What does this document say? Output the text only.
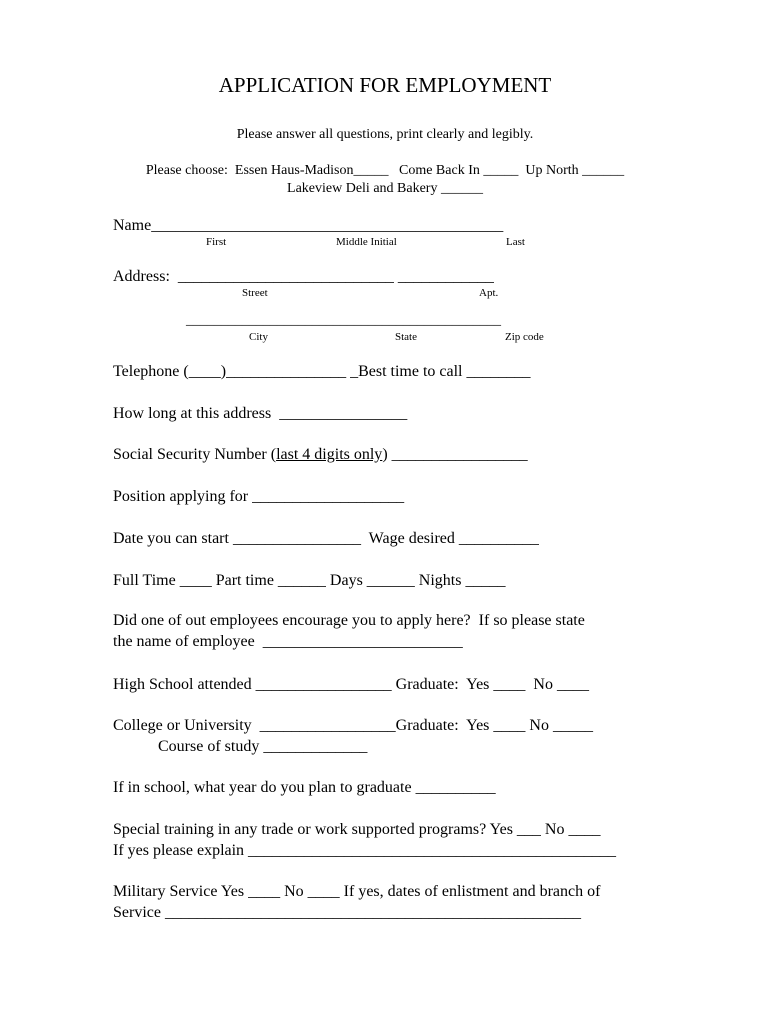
APPLICATION FOR EMPLOYMENT
Please answer all questions, print clearly and legibly.
Please choose:  Essen Haus-Madison_____   Come Back In _____  Up North ______
Lakeview Deli and Bakery ______
Name____________________________________________
First	Middle Initial	Last
Address:  ___________________________ ____________
Street	Apt.
_____________________________________________
City	State	Zip code
Telephone (____)_______________ _Best time to call ________
How long at this address  ________________
Social Security Number (last 4 digits only) _________________
Position applying for ___________________
Date you can start ________________  Wage desired __________
Full Time ____ Part time ______ Days ______ Nights _____
Did one of out employees encourage you to apply here?  If so please state
the name of employee  _________________________
High School attended _________________ Graduate:  Yes ____  No ____
College or University  _________________Graduate:  Yes ____ No _____
Course of study _____________
If in school, what year do you plan to graduate __________
Special training in any trade or work supported programs? Yes ___ No ____
If yes please explain ______________________________________________
Military Service Yes ____ No ____ If yes, dates of enlistment and branch of
Service ____________________________________________________
